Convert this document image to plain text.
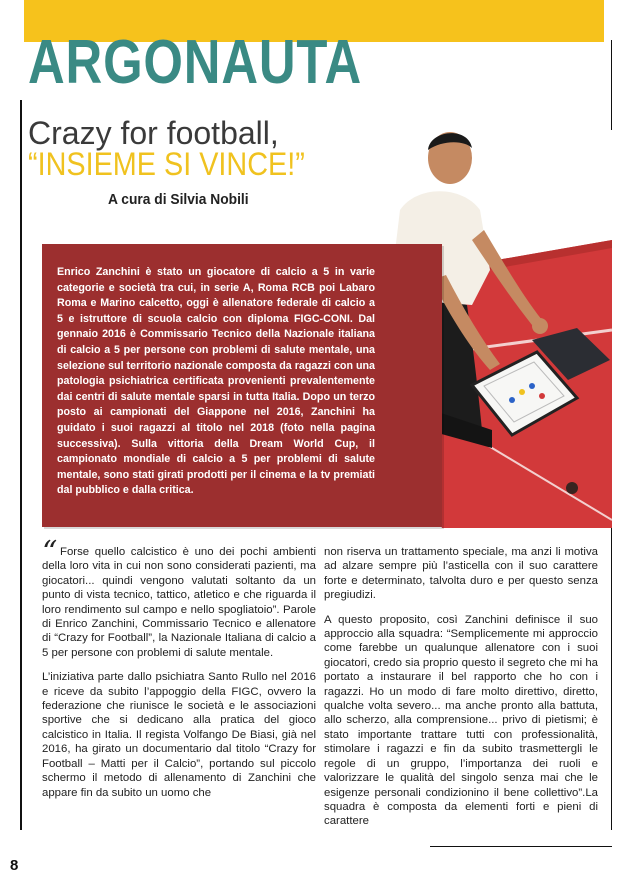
ARGONAUTA
Crazy for football,
“INSIEME SI VINCE!”
A cura di Silvia Nobili

Enrico Zanchini è stato un giocatore di calcio a 5 in varie categorie e società tra cui, in serie A, Roma RCB poi Labaro Roma e Marino calcetto, oggi è allenatore federale di calcio a 5 e istruttore di scuola calcio con diploma FIGC-CONI. Dal gennaio 2016 è Commissario Tecnico della Nazionale italiana di calcio a 5 per persone con problemi di salute mentale, una selezione sul territorio nazionale composta da ragazzi con una patologia psichiatrica certificata provenienti prevalentemente dai centri di salute mentale sparsi in tutta Italia. Dopo un terzo posto ai campionati del Giappone nel 2016, Zanchini ha guidato i suoi ragazzi al titolo nel 2018 (foto nella pagina successiva). Sulla vittoria della Dream World Cup, il campionato mondiale di calcio a 5 per problemi di salute mentale, sono stati girati prodotti per il cinema e la tv premiati dal pubblico e dalla critica.

“ Forse quello calcistico è uno dei pochi ambienti della loro vita in cui non sono considerati pazienti, ma giocatori... quindi vengono valutati soltanto da un punto di vista tecnico, tattico, atletico e che riguarda il loro rendimento sul campo e nello spogliatoio”. Parole di Enrico Zanchini, Commissario Tecnico e allenatore di “Crazy for Football”, la Nazionale Italiana di calcio a 5 per persone con problemi di salute mentale.

L’iniziativa parte dallo psichiatra Santo Rullo nel 2016 e riceve da subito l’appoggio della FIGC, ovvero la federazione che riunisce le società e le associazioni sportive che si dedicano alla pratica del gioco calcistico in Italia. Il regista Volfango De Biasi, già nel 2016, ha girato un documentario dal titolo “Crazy for Football – Matti per il Calcio”, portando sul piccolo schermo il metodo di allenamento di Zanchini che appare fin da subito un uomo che

non riserva un trattamento speciale, ma anzi li motiva ad alzare sempre più l’asticella con il suo carattere forte e determinato, talvolta duro e per questo senza pregiudizi.

A questo proposito, così Zanchini definisce il suo approccio alla squadra: “Semplicemente mi approccio come farebbe un qualunque allenatore con i suoi giocatori, credo sia proprio questo il segreto che mi ha portato a instaurare il bel rapporto che ho con i ragazzi. Ho un modo di fare molto direttivo, diretto, qualche volta severo... ma anche pronto alla battuta, allo scherzo, alla comprensione... privo di pietismi; è stato importante trattare tutti con professionalità, stimolare i ragazzi e fin da subito trasmettergli le regole di un gruppo, l’importanza dei ruoli e valorizzare le qualità del singolo senza mai che le esigenze personali condizionino il bene collettivo”.La squadra è composta da elementi forti e pieni di carattere

8
